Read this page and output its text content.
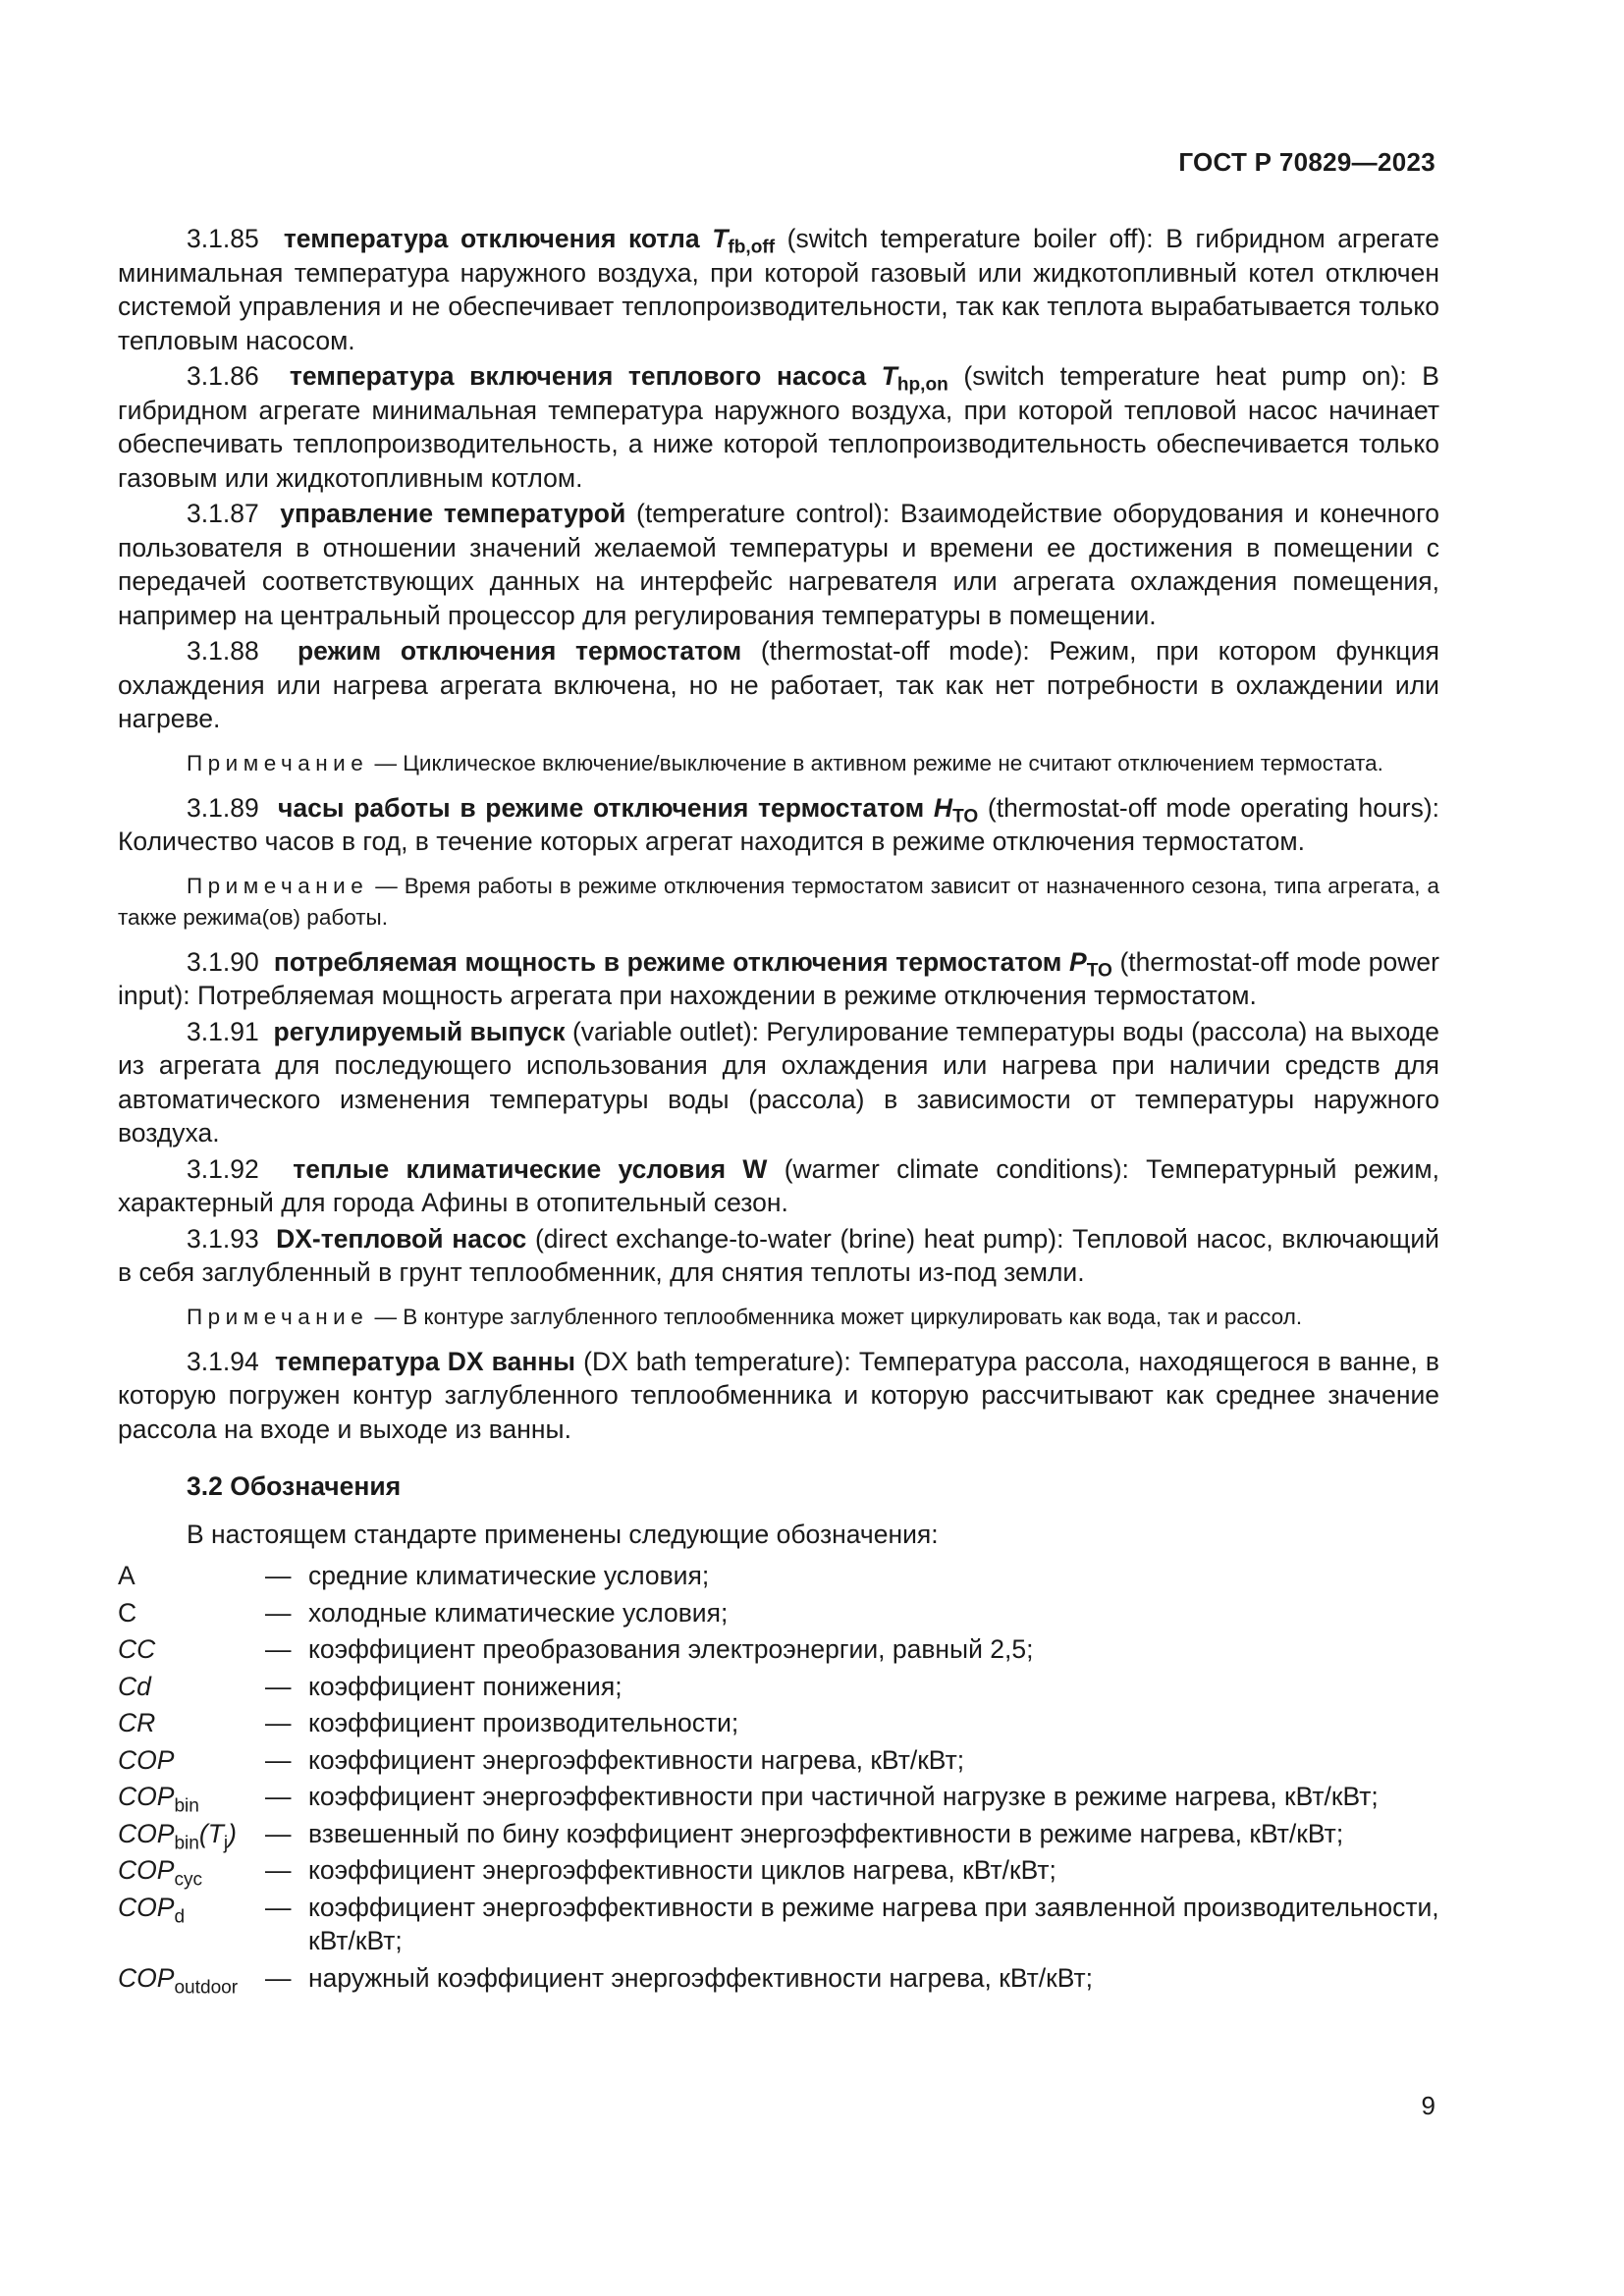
ГОСТ Р 70829—2023

3.1.85 температура отключения котла $T_{fb,off}$ (switch temperature boiler off): В гибридном агрегате минимальная температура наружного воздуха, при которой газовый или жидкотопливный котел отключен системой управления и не обеспечивает теплопроизводительности, так как теплота вырабатывается только тепловым насосом.

3.1.86 температура включения теплового насоса $T_{hp,on}$ (switch temperature heat pump on): В гибридном агрегате минимальная температура наружного воздуха, при которой тепловой насос начинает обеспечивать теплопроизводительность, а ниже которой теплопроизводительность обеспечивается только газовым или жидкотопливным котлом.

3.1.87 управление температурой (temperature control): Взаимодействие оборудования и конечного пользователя в отношении значений желаемой температуры и времени ее достижения в помещении с передачей соответствующих данных на интерфейс нагревателя или агрегата охлаждения помещения, например на центральный процессор для регулирования температуры в помещении.

3.1.88 режим отключения термостатом (thermostat-off mode): Режим, при котором функция охлаждения или нагрева агрегата включена, но не работает, так как нет потребности в охлаждении или нагреве.

Примечание — Циклическое включение/выключение в активном режиме не считают отключением термостата.

3.1.89 часы работы в режиме отключения термостатом $H_{TO}$ (thermostat-off mode operating hours): Количество часов в год, в течение которых агрегат находится в режиме отключения термостатом.

Примечание — Время работы в режиме отключения термостатом зависит от назначенного сезона, типа агрегата, а также режима(ов) работы.

3.1.90 потребляемая мощность в режиме отключения термостатом $P_{TO}$ (thermostat-off mode power input): Потребляемая мощность агрегата при нахождении в режиме отключения термостатом.

3.1.91 регулируемый выпуск (variable outlet): Регулирование температуры воды (рассола) на выходе из агрегата для последующего использования для охлаждения или нагрева при наличии средств для автоматического изменения температуры воды (рассола) в зависимости от температуры наружного воздуха.

3.1.92 теплые климатические условия W (warmer climate conditions): Температурный режим, характерный для города Афины в отопительный сезон.

3.1.93 DX-тепловой насос (direct exchange-to-water (brine) heat pump): Тепловой насос, включающий в себя заглубленный в грунт теплообменник, для снятия теплоты из-под земли.

Примечание — В контуре заглубленного теплообменника может циркулировать как вода, так и рассол.

3.1.94 температура DX ванны (DX bath temperature): Температура рассола, находящегося в ванне, в которую погружен контур заглубленного теплообменника и которую рассчитывают как среднее значение рассола на входе и выходе из ванны.

3.2 Обозначения
В настоящем стандарте применены следующие обозначения:
A	— средние климатические условия;
C	— холодные климатические условия;
CC	— коэффициент преобразования электроэнергии, равный 2,5;
Cd	— коэффициент понижения;
CR	— коэффициент производительности;
COP	— коэффициент энергоэффективности нагрева, кВт/кВт;
$COP_{bin}$	— коэффициент энергоэффективности при частичной нагрузке в режиме нагрева, кВт/кВт;
$COP_{bin}(T_j)$	— взвешенный по бину коэффициент энергоэффективности в режиме нагрева, кВт/кВт;
$COP_{cyc}$	— коэффициент энергоэффективности циклов нагрева, кВт/кВт;
$COP_d$	— коэффициент энергоэффективности в режиме нагрева при заявленной производительности, кВт/кВт;
$COP_{outdoor}$	— наружный коэффициент энергоэффективности нагрева, кВт/кВт;
9
